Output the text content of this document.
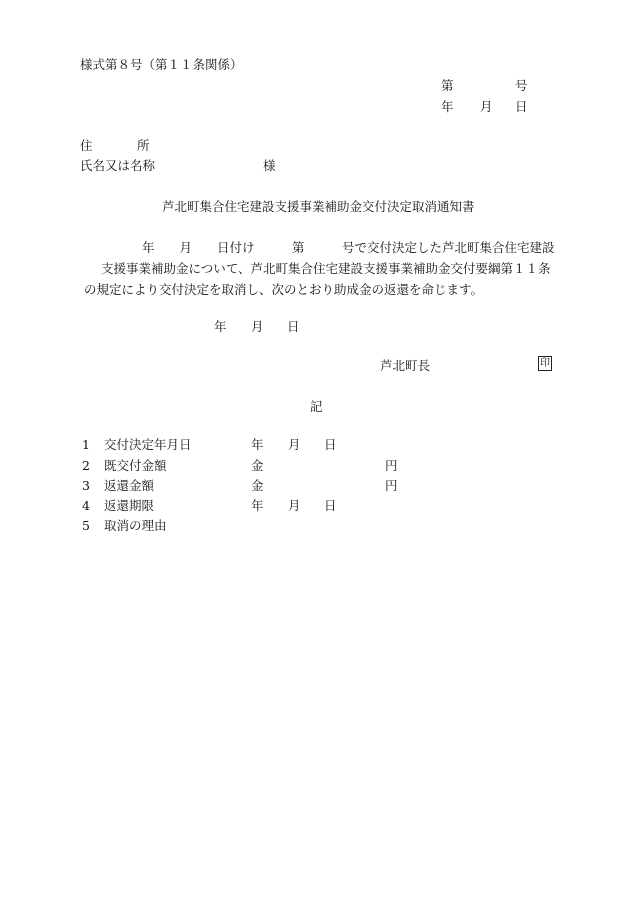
様式第８号（第１１条関係）
第	号
年 月 日
住	所
氏名又は名称	様
芦北町集合住宅建設支援事業補助金交付決定取消通知書
年　　月　　日付け　　　第　　　号で交付決定した芦北町集合住宅建設
支援事業補助金について、芦北町集合住宅建設支援事業補助金交付要綱第１１条
の規定により交付決定を取消し、次のとおり助成金の返還を命じます。
年 月 日
芦北町長	印
記
1 交付決定年月日	年 月 日
2 既交付金額	金	円
3 返還金額	金	円
4 返還期限	年 月 日
5 取消の理由
